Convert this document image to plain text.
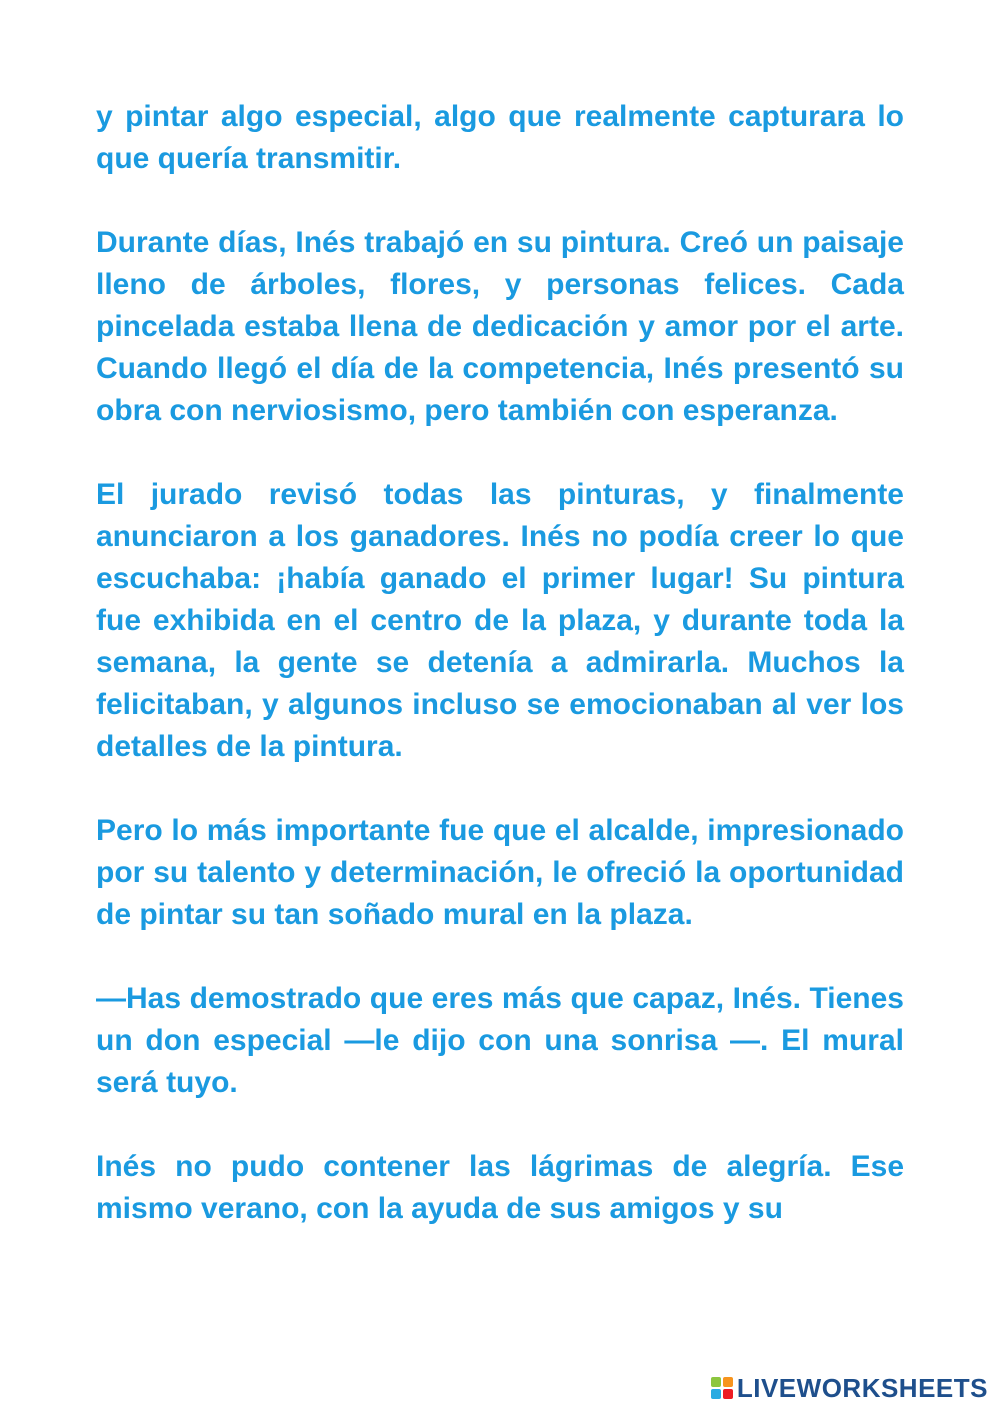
y pintar algo especial, algo que realmente capturara lo que quería transmitir.

Durante días, Inés trabajó en su pintura. Creó un paisaje lleno de árboles, flores, y personas felices. Cada pincelada estaba llena de dedicación y amor por el arte. Cuando llegó el día de la competencia, Inés presentó su obra con nerviosismo, pero también con esperanza.

El jurado revisó todas las pinturas, y finalmente anunciaron a los ganadores. Inés no podía creer lo que escuchaba: ¡había ganado el primer lugar! Su pintura fue exhibida en el centro de la plaza, y durante toda la semana, la gente se detenía a admirarla. Muchos la felicitaban, y algunos incluso se emocionaban al ver los detalles de la pintura.

Pero lo más importante fue que el alcalde, impresionado por su talento y determinación, le ofreció la oportunidad de pintar su tan soñado mural en la plaza.

—Has demostrado que eres más que capaz, Inés. Tienes un don especial —le dijo con una sonrisa —. El mural será tuyo.

Inés no pudo contener las lágrimas de alegría. Ese mismo verano, con la ayuda de sus amigos y su

LIVEWORKSHEETS
